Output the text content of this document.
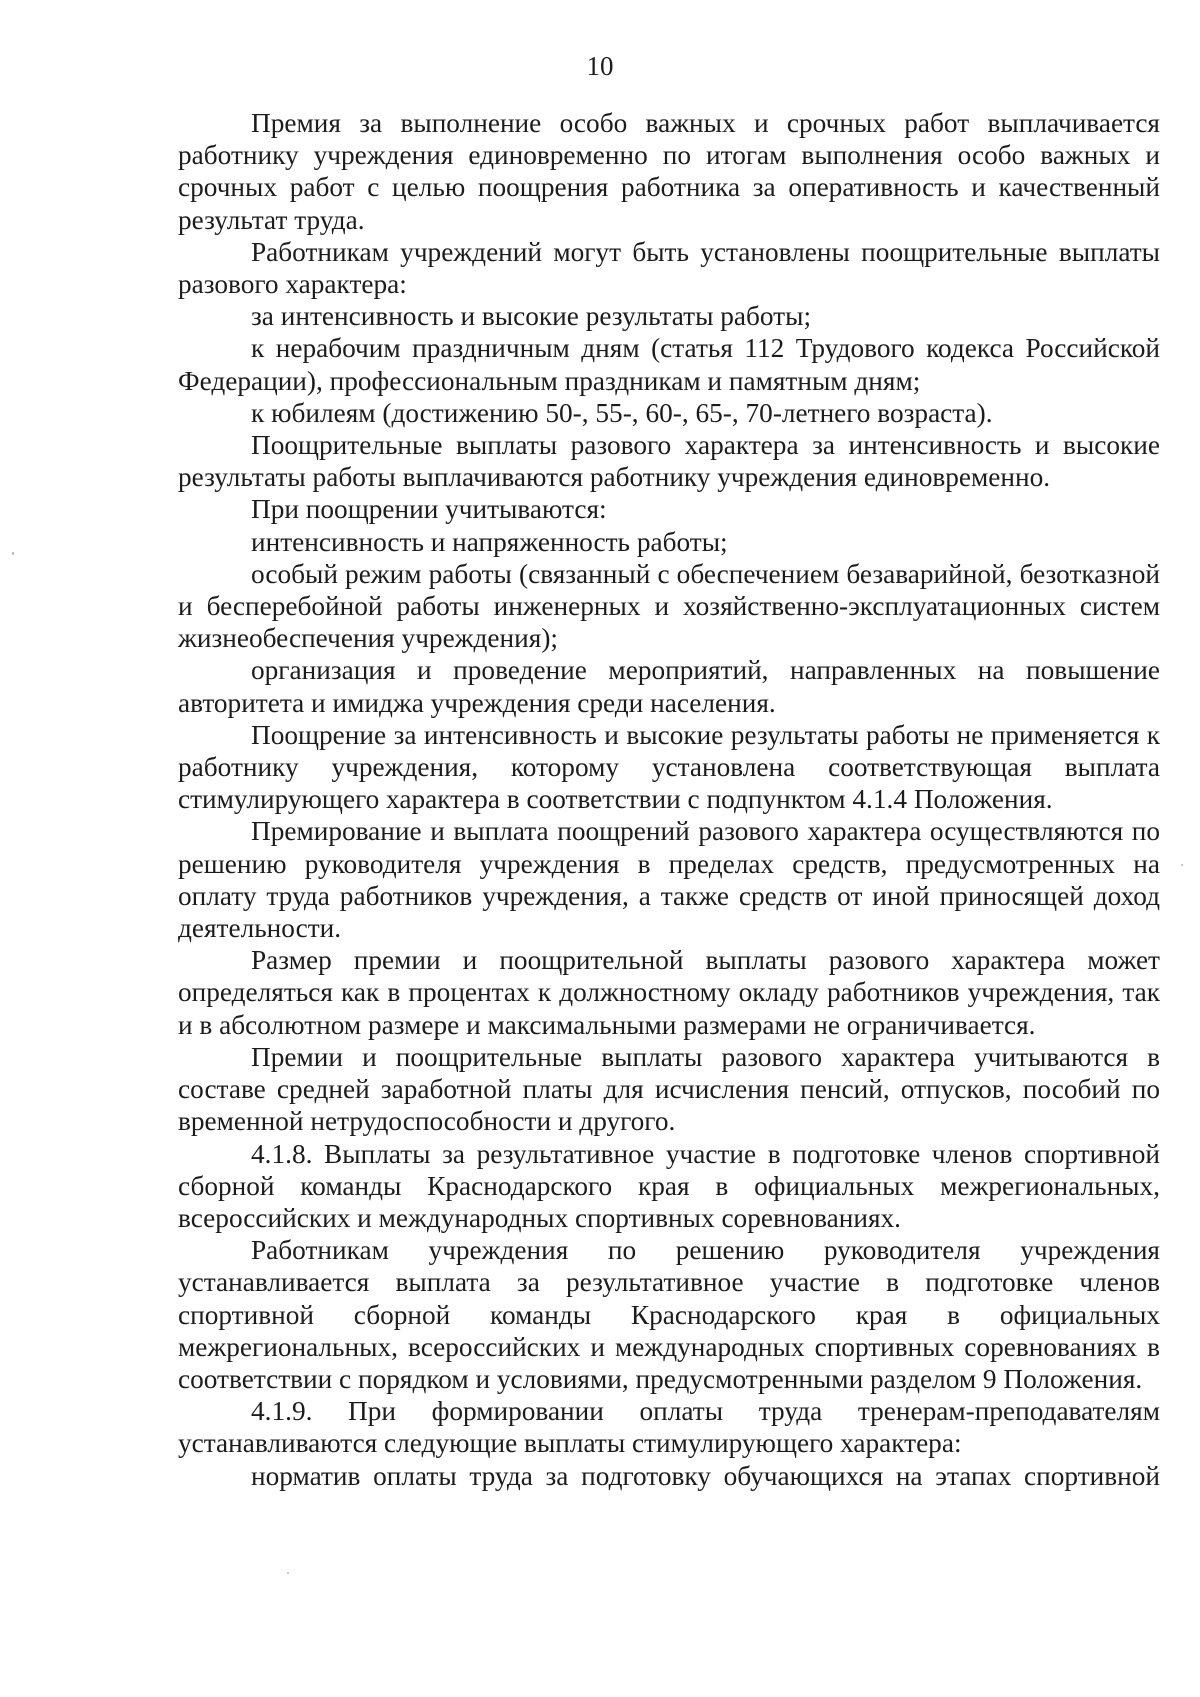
10

Премия за выполнение особо важных и срочных работ выплачивается работнику учреждения единовременно по итогам выполнения особо важных и срочных работ с целью поощрения работника за оперативность и качественный результат труда.

Работникам учреждений могут быть установлены поощрительные выплаты разового характера:

за интенсивность и высокие результаты работы;

к нерабочим праздничным дням (статья 112 Трудового кодекса Российской Федерации), профессиональным праздникам и памятным дням;

к юбилеям (достижению 50-, 55-, 60-, 65-, 70-летнего возраста).

Поощрительные выплаты разового характера за интенсивность и высокие результаты работы выплачиваются работнику учреждения единовременно.

При поощрении учитываются:

интенсивность и напряженность работы;

особый режим работы (связанный с обеспечением безаварийной, безотказной и бесперебойной работы инженерных и хозяйственно-эксплуатационных систем жизнеобеспечения учреждения);

организация и проведение мероприятий, направленных на повышение авторитета и имиджа учреждения среди населения.

Поощрение за интенсивность и высокие результаты работы не применяется к работнику учреждения, которому установлена соответствующая выплата стимулирующего характера в соответствии с подпунктом 4.1.4 Положения.

Премирование и выплата поощрений разового характера осуществляются по решению руководителя учреждения в пределах средств, предусмотренных на оплату труда работников учреждения, а также средств от иной приносящей доход деятельности.

Размер премии и поощрительной выплаты разового характера может определяться как в процентах к должностному окладу работников учреждения, так и в абсолютном размере и максимальными размерами не ограничивается.

Премии и поощрительные выплаты разового характера учитываются в составе средней заработной платы для исчисления пенсий, отпусков, пособий по временной нетрудоспособности и другого.

4.1.8. Выплаты за результативное участие в подготовке членов спортивной сборной команды Краснодарского края в официальных межрегиональных, всероссийских и международных спортивных соревнованиях.

Работникам учреждения по решению руководителя учреждения устанавливается выплата за результативное участие в подготовке членов спортивной сборной команды Краснодарского края в официальных межрегиональных, всероссийских и международных спортивных соревнованиях в соответствии с порядком и условиями, предусмотренными разделом 9 Положения.

4.1.9. При формировании оплаты труда тренерам-преподавателям устанавливаются следующие выплаты стимулирующего характера:

норматив оплаты труда за подготовку обучающихся на этапах спортивной
